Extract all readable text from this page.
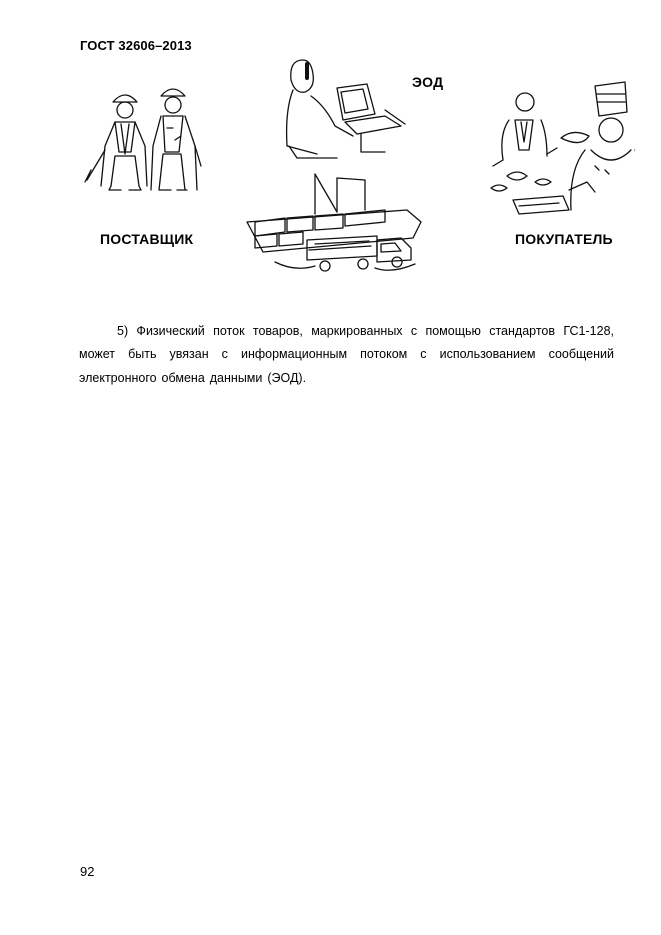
ГОСТ 32606–2013
ПОСТАВЩИК	ПОКУПАТЕЛЬ
ЭОД

5) Физический поток товаров, маркированных с помощью стандартов ГС1-128, может быть увязан с информационным потоком с использованием сообщений электронного обмена данными (ЭОД).

92
